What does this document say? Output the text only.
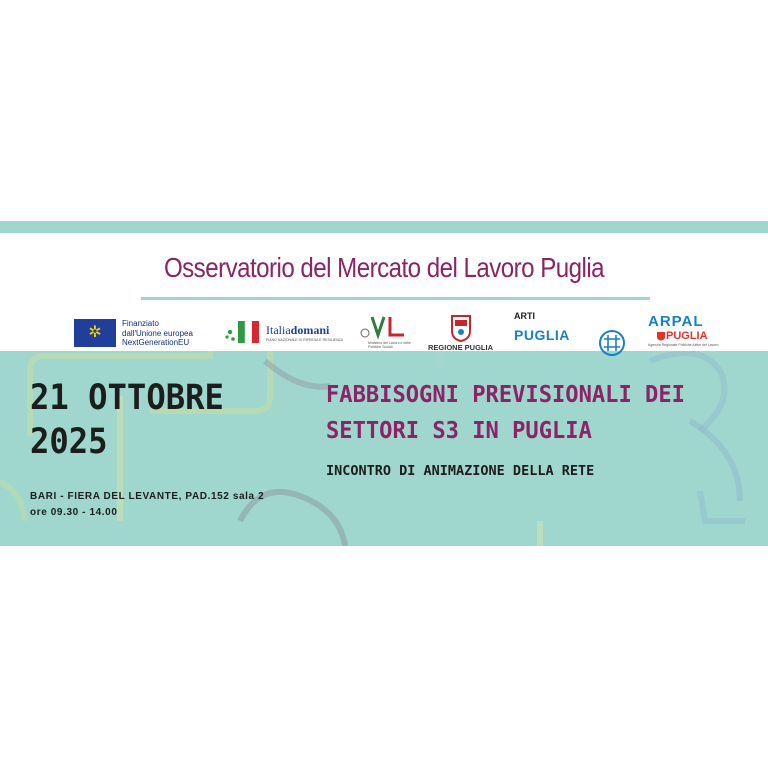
Osservatorio del Mercato del Lavoro Puglia
✲
Finanziato
dall'Unione europea
NextGenerationEU
Italiadomani
PIANO NAZIONALE DI RIPRESA E RESILIENZA
Ministero del Lavoro e delle Politiche Sociali	REGIONE PUGLIA
ARTI
PUGLIA
ARPAL
PUGLIA
Agenzia Regionale Politiche Attive del Lavoro
21 OTTOBRE
2025
BARI - FIERA DEL LEVANTE, PAD.152 sala 2
ore 09.30 - 14.00
FABBISOGNI PREVISIONALI DEI
SETTORI S3 IN PUGLIA
INCONTRO DI ANIMAZIONE DELLA RETE
